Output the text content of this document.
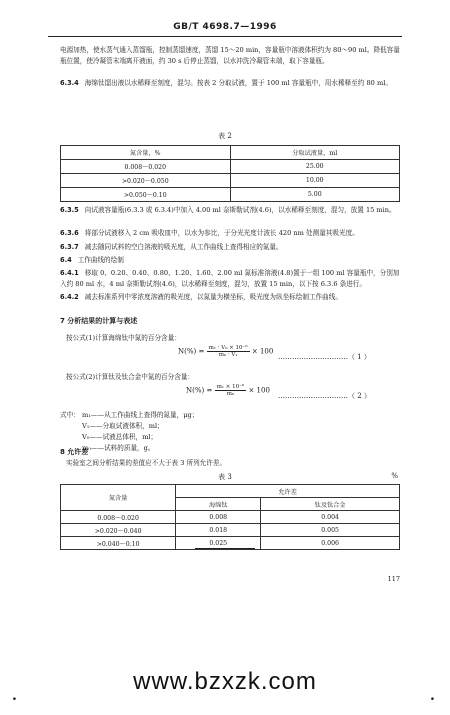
GB/T 4698.7—1996
电源加热，使水蒸气通入蒸馏瓶，控制蒸馏速度，蒸馏 15～20 min，容量瓶中溶液体积约为 80～90 ml。降低容量瓶位置，使冷凝管末端离开液面，约 30 s 后停止蒸馏，以水冲洗冷凝管末端，取下容量瓶。
6.3.4 海绵钛馏出液以水稀释至刻度，混匀。按表 2 分取试液，置于 100 ml 容量瓶中，用水稀释至约 80 ml。
表 2
氮含量，%	分取试液量，ml
0.008～0.020	25.00
>0.020～0.050	10.00
>0.050～0.10	5.00
6.3.5 向试液容量瓶(6.3.3 或 6.3.4)中加入 4.00 ml 奈斯勒试剂(4.6)，以水稀释至刻度，混匀，放置 15 min。
6.3.6 将部分试液移入 2 cm 吸收皿中，以水为参比，于分光光度计波长 420 nm 处测量其吸光度。
6.3.7 减去随同试料的空白溶液的吸光度，从工作曲线上查得相应的氮量。
6.4 工作曲线的绘制
6.4.1 移取 0、0.20、0.40、0.80、1.20、1.60、2.00 ml 氮标准溶液(4.8)置于一组 100 ml 容量瓶中，分别加入约 80 ml 水，4 ml 奈斯勒试剂(4.6)，以水稀释至刻度，混匀，放置 15 min，以下按 6.3.6 条进行。
6.4.2 减去标准系列中零浓度溶液的吸光度，以氮量为横坐标，吸光度为纵坐标绘制工作曲线。
7 分析结果的计算与表述
按公式(1)计算海绵钛中氮的百分含量：
$N(\%) = \frac{\text{m₁ · V₀ × 10⁻⁶}}{\text{m₀ · V₁}} \times 100$
…………………………（ 1 ）
按公式(2)计算钛及钛合金中氮的百分含量：
$N(\%) = \frac{\text{m₁ × 10⁻⁶}}{\text{m₀}} \times 100$
…………………………（ 2 ）
式中： m₁——从工作曲线上查得的氮量，μg；
V₁——分取试液体积，ml；
V₀——试液总体积，ml；
m₀——试料的质量，g。
8 允许差
实验室之间分析结果的差值应不大于表 3 所列允许差。
氮含量	允许差	
	海绵钛	钛及钛合金
0.008～0.020	0.008	0.004
>0.020～0.040	0.018	0.005
>0.040～0.10	0.025	0.006
表 3	%
117
www.bzxzk.com
.	.
